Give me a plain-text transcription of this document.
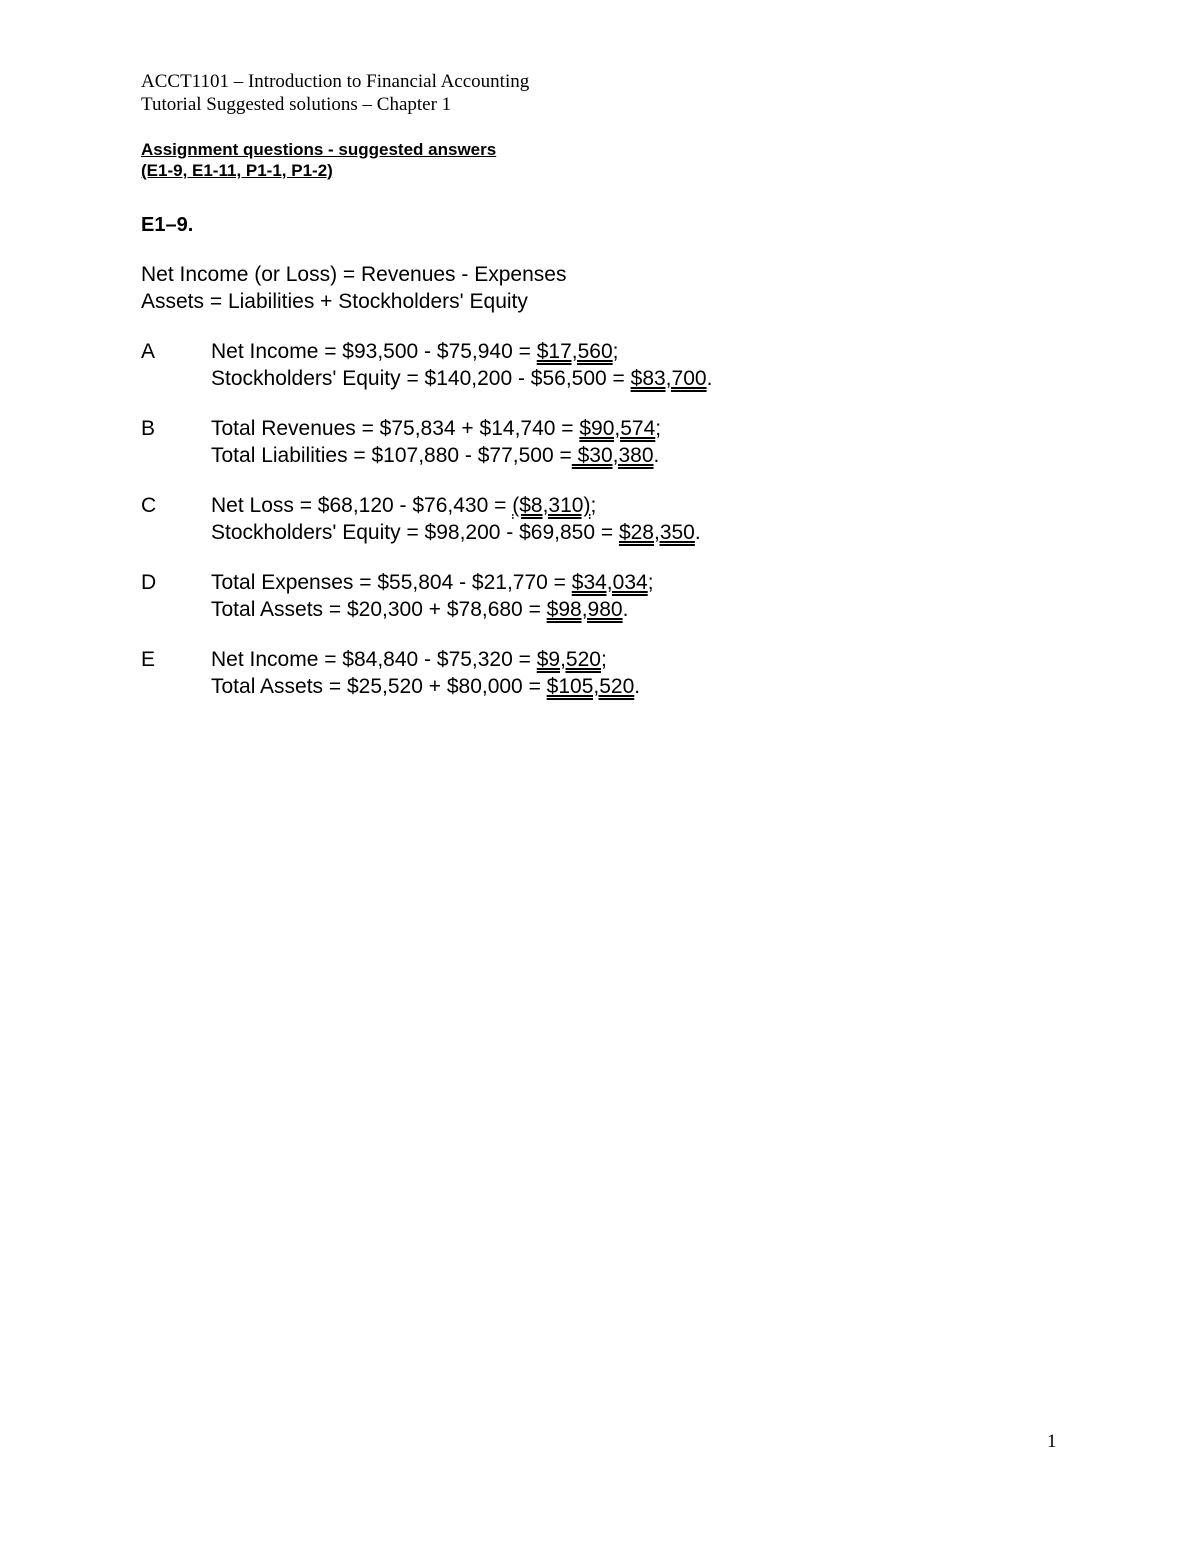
ACCT1101 – Introduction to Financial Accounting
Tutorial Suggested solutions – Chapter 1
Assignment questions - suggested answers
(E1-9, E1-11, P1-1, P1-2)
E1–9.
Net Income (or Loss) = Revenues - Expenses
Assets = Liabilities + Stockholders' Equity
A	Net Income = $93,500 - $75,940 = $17,560;
Stockholders' Equity = $140,200 - $56,500 = $83,700.
B	Total Revenues = $75,834 + $14,740 = $90,574;
Total Liabilities = $107,880 - $77,500 = $30,380.
C	Net Loss = $68,120 - $76,430 = ($8,310);
Stockholders' Equity = $98,200 - $69,850 = $28,350.
D	Total Expenses = $55,804 - $21,770 = $34,034;
Total Assets = $20,300 + $78,680 = $98,980.
E	Net Income = $84,840 - $75,320 = $9,520;
Total Assets = $25,520 + $80,000 = $105,520.
1
